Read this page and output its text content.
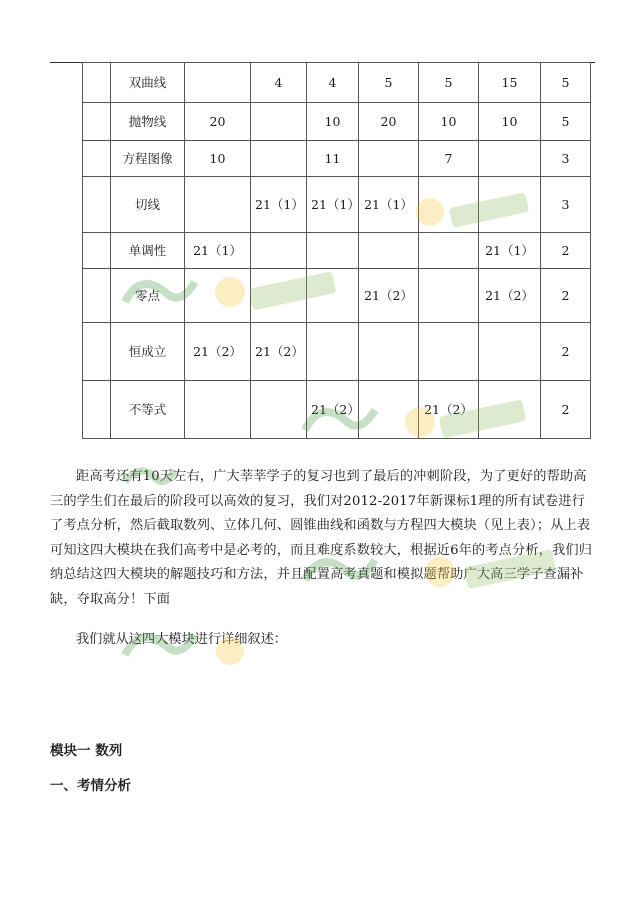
	双曲线		4	4	5	5	15	5
	抛物线	20		10	20	10	10	5
	方程图像	10		11		7		3
	切线		21（1）	21（1）	21（1）			3
	单调性	21（1）					21（1）	2
	零点				21（2）		21（2）	2
	恒成立	21（2）	21（2）					2
	不等式			21（2）		21（2）		2
距高考还有10天左右，广大莘莘学子的复习也到了最后的冲刺阶段，为了更好的帮助高三的学生们在最后的阶段可以高效的复习，我们对2012-2017年新课标1理的所有试卷进行了考点分析，然后截取数列、立体几何、圆锥曲线和函数与方程四大模块（见上表）；从上表可知这四大模块在我们高考中是必考的，而且难度系数较大，根据近6年的考点分析，我们归纳总结这四大模块的解题技巧和方法，并且配置高考真题和模拟题帮助广大高三学子查漏补缺，夺取高分！下面
我们就从这四大模块进行详细叙述：
模块一 数列
一、考情分析
